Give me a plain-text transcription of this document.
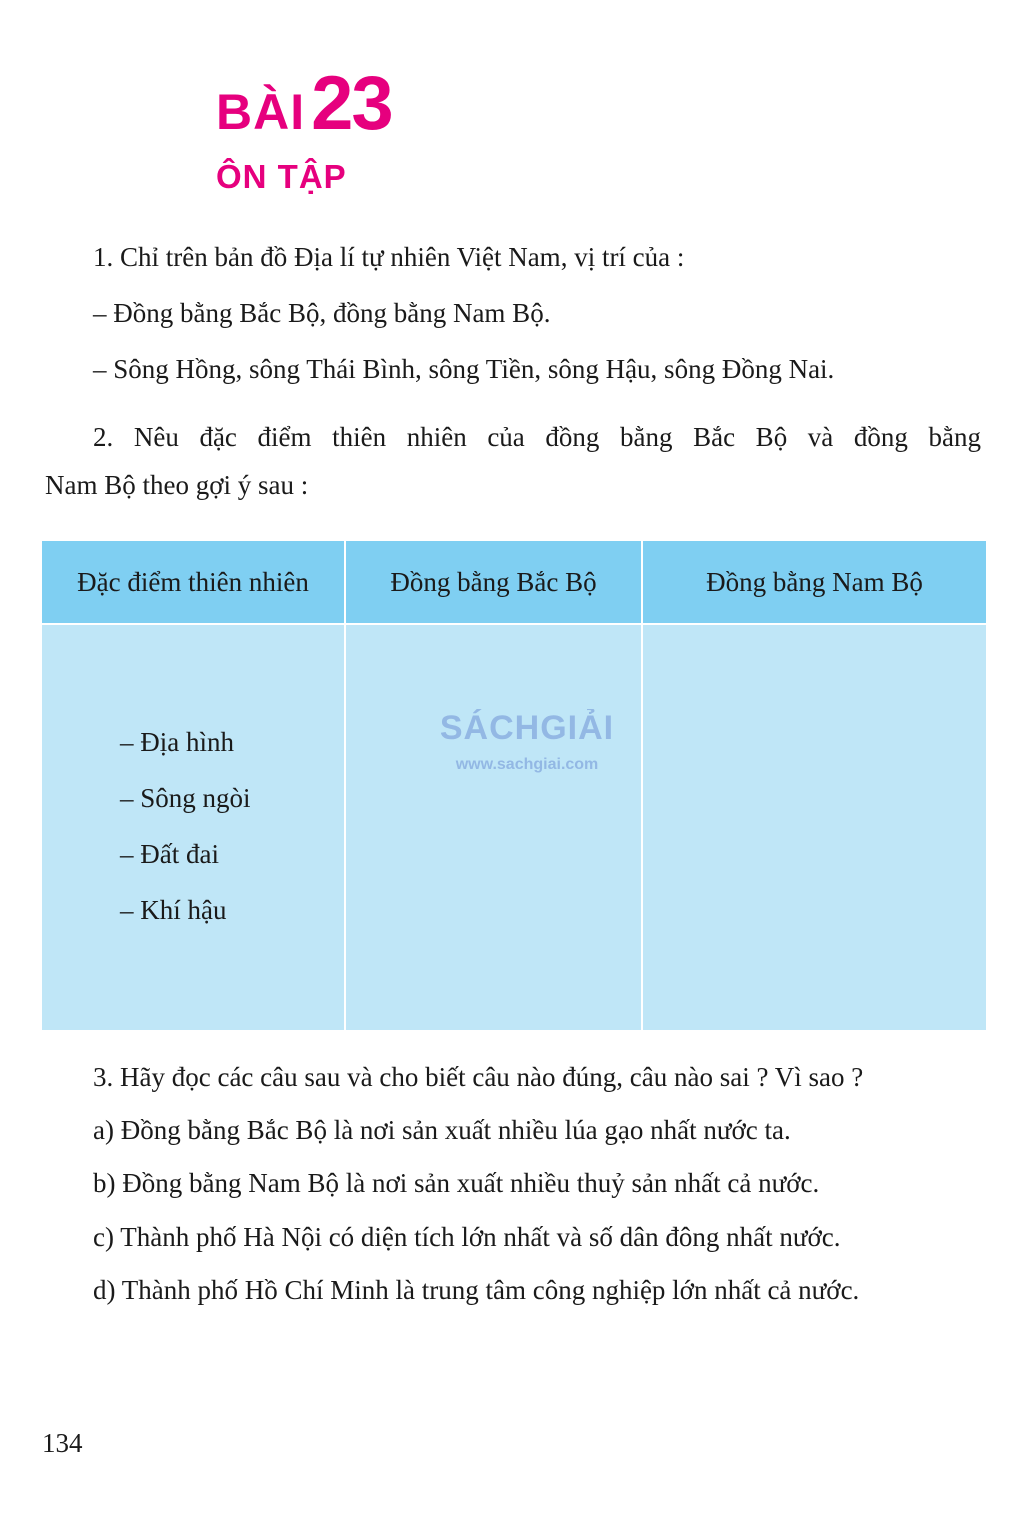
BÀI23
ÔN TẬP
1. Chỉ trên bản đồ Địa lí tự nhiên Việt Nam, vị trí của :
– Đồng bằng Bắc Bộ, đồng bằng Nam Bộ.
– Sông Hồng, sông Thái Bình, sông Tiền, sông Hậu, sông Đồng Nai.
2. Nêu đặc điểm thiên nhiên của đồng bằng Bắc Bộ và đồng bằng
Nam Bộ theo gợi ý sau :
Đặc điểm thiên nhiên	Đồng bằng Bắc Bộ	Đồng bằng Nam Bộ
– Địa hình
– Sông ngòi
– Đất đai
– Khí hậu
SÁCHGIẢI
www.sachgiai.com
3. Hãy đọc các câu sau và cho biết câu nào đúng, câu nào sai ? Vì sao ?
a) Đồng bằng Bắc Bộ là nơi sản xuất nhiều lúa gạo nhất nước ta.
b) Đồng bằng Nam Bộ là nơi sản xuất nhiều thuỷ sản nhất cả nước.
c) Thành phố Hà Nội có diện tích lớn nhất và số dân đông nhất nước.
d) Thành phố Hồ Chí Minh là trung tâm công nghiệp lớn nhất cả nước.
134
